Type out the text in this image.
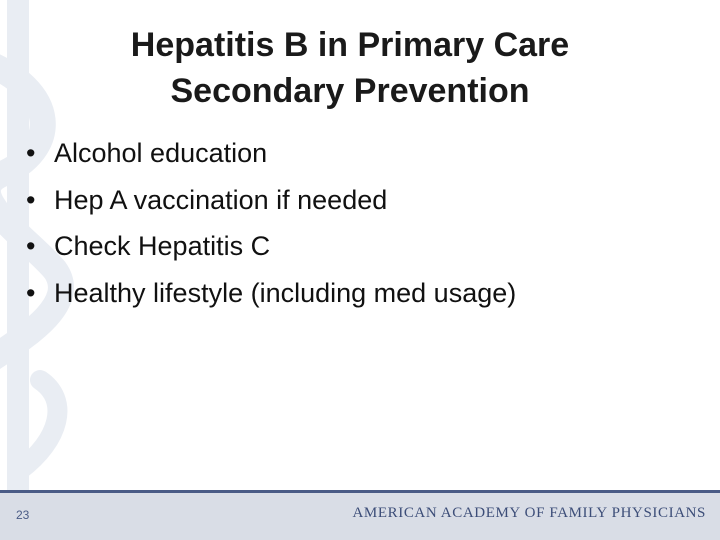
Hepatitis B in Primary Care
Secondary Prevention
• Alcohol education
• Hep A vaccination if needed
• Check Hepatitis C
• Healthy lifestyle (including med usage)
23	AMERICAN ACADEMY OF FAMILY PHYSICIANS
